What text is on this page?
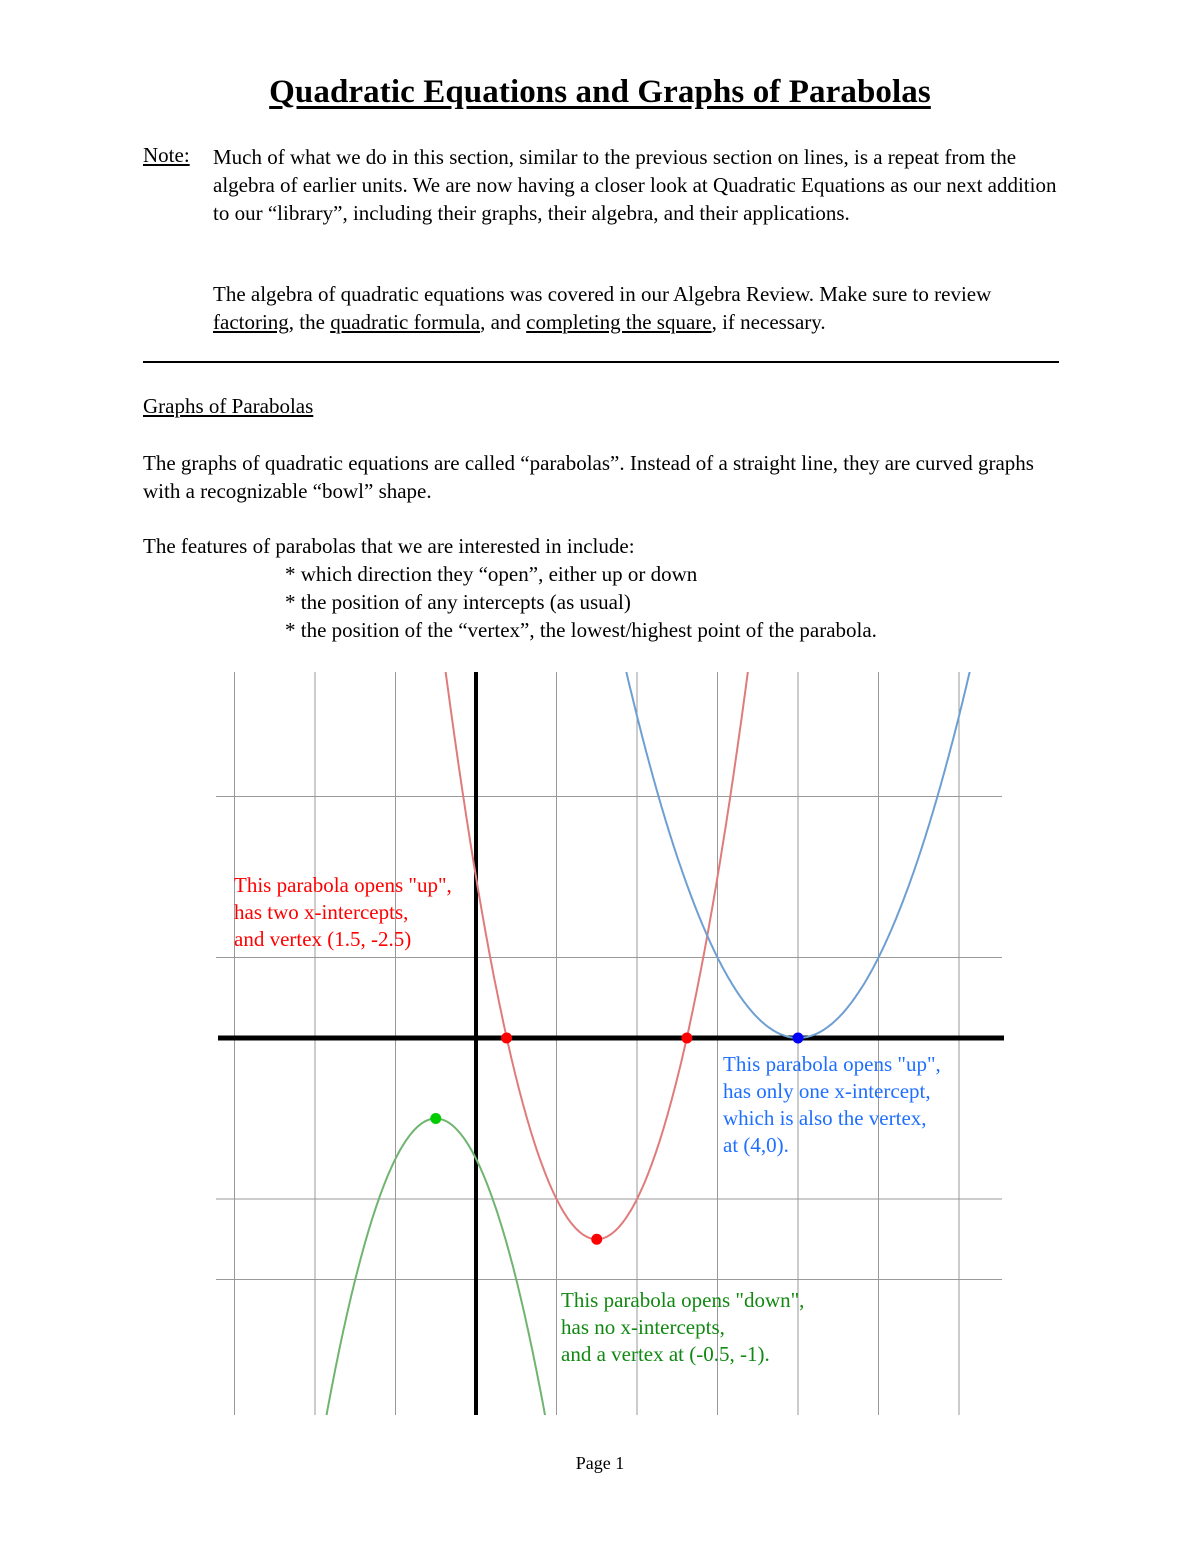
Quadratic Equations and Graphs of Parabolas
Note: Much of what we do in this section, similar to the previous section on lines, is a repeat from the algebra of earlier units. We are now having a closer look at Quadratic Equations as our next addition to our “library”, including their graphs, their algebra, and their applications.

The algebra of quadratic equations was covered in our Algebra Review. Make sure to review factoring, the quadratic formula, and completing the square, if necessary.

Graphs of Parabolas

The graphs of quadratic equations are called “parabolas”. Instead of a straight line, they are curved graphs with a recognizable “bowl” shape.

The features of parabolas that we are interested in include:

* which direction they “open”, either up or down
* the position of any intercepts (as usual)
* the position of the “vertex”, the lowest/highest point of the parabola.
This parabola opens "up", has two x-intercepts, and vertex (1.5, -2.5)
This parabola opens "up", has only one x-intercept, which is also the vertex, at (4,0).
This parabola opens "down", has no x-intercepts, and a vertex at (-0.5, -1).
Page 1
